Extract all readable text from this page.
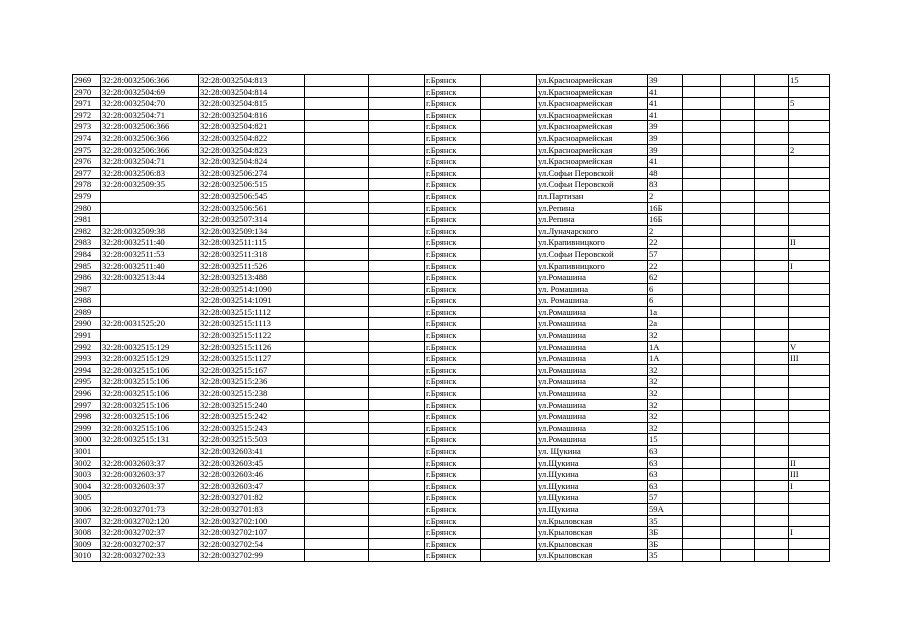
2969	32:28:0032506:366	32:28:0032504:813			г.Брянск		ул.Красноармейская	39				15
2970	32:28:0032504:69	32:28:0032504:814			г.Брянск		ул.Красноармейская	41				
2971	32:28:0032504:70	32:28:0032504:815			г.Брянск		ул.Красноармейская	41				5
2972	32:28:0032504:71	32:28:0032504:816			г.Брянск		ул.Красноармейская	41				
2973	32:28:0032506:366	32:28:0032504:821			г.Брянск		ул.Красноармейская	39				
2974	32:28:0032506:366	32:28:0032504:822			г.Брянск		ул.Красноармейская	39				
2975	32:28:0032506:366	32:28:0032504:823			г.Брянск		ул.Красноармейская	39				2
2976	32:28:0032504:71	32:28:0032504:824			г.Брянск		ул.Красноармейская	41				
2977	32:28:0032506:83	32:28:0032506:274			г.Брянск		ул.Софьи Перовской	48				
2978	32:28:0032509:35	32:28:0032506:515			г.Брянск		ул.Софьи Перовской	83				
2979		32:28:0032506:545			г.Брянск		пл.Партизан	2				
2980		32:28:0032506:561			г.Брянск		ул.Репина	16Б				
2981		32:28:0032507:314			г.Брянск		ул.Репина	16Б				
2982	32:28:0032509:38	32:28:0032509:134			г.Брянск		ул.Луначарского	2				
2983	32:28:0032511:40	32:28:0032511:115			г.Брянск		ул.Крапивницкого	22				II
2984	32:28:0032511:53	32:28:0032511:318			г.Брянск		ул.Софьи Перовской	57				
2985	32:28:0032511:40	32:28:0032511:526			г.Брянск		ул.Крапивницкого	22				I
2986	32:28:0032513:44	32:28:0032513:488			г.Брянск		ул.Ромашина	62				
2987		32:28:0032514:1090			г.Брянск		ул. Ромашина	6				
2988		32:28:0032514:1091			г.Брянск		ул. Ромашина	6				
2989		32:28:0032515:1112			г.Брянск		ул.Ромашина	1а				
2990	32:28:0031525:20	32:28:0032515:1113			г.Брянск		ул.Ромашина	2а				
2991		32:28:0032515:1122			г.Брянск		ул.Ромашина	32				
2992	32:28:0032515:129	32:28:0032515:1126			г.Брянск		ул.Ромашина	1А				V
2993	32:28:0032515:129	32:28:0032515:1127			г.Брянск		ул.Ромашина	1А				III
2994	32:28:0032515:106	32:28:0032515:167			г.Брянск		ул.Ромашина	32				
2995	32:28:0032515:106	32:28:0032515:236			г.Брянск		ул.Ромашина	32				
2996	32:28:0032515:106	32:28:0032515:238			г.Брянск		ул.Ромашина	32				
2997	32:28:0032515:106	32:28:0032515:240			г.Брянск		ул.Ромашина	32				
2998	32:28:0032515:106	32:28:0032515:242			г.Брянск		ул.Ромашина	32				
2999	32:28:0032515:106	32:28:0032515:243			г.Брянск		ул.Ромашина	32				
3000	32:28:0032515:131	32:28:0032515:503			г.Брянск		ул.Ромашина	15				
3001		32:28:0032603:41			г.Брянск		ул. Щукина	63				
3002	32:28:0032603:37	32:28:0032603:45			г.Брянск		ул.Щукина	63				II
3003	32:28:0032603:37	32:28:0032603:46			г.Брянск		ул.Щукина	63				III
3004	32:28:0032603:37	32:28:0032603:47			г.Брянск		ул.Щукина	63				I
3005		32:28:0032701:82			г.Брянск		ул.Щукина	57				
3006	32:28:0032701:73	32:28:0032701:83			г.Брянск		ул.Щукина	59А				
3007	32:28:0032702:120	32:28:0032702:100			г.Брянск		ул.Крыловская	35				
3008	32:28:0032702:37	32:28:0032702:107			г.Брянск		ул.Крыловская	3Б				I
3009	32:28:0032702:37	32:28:0032702:54			г.Брянск		ул.Крыловская	3Б				
3010	32:28:0032702:33	32:28:0032702:99			г.Брянск		ул.Крыловская	35				
